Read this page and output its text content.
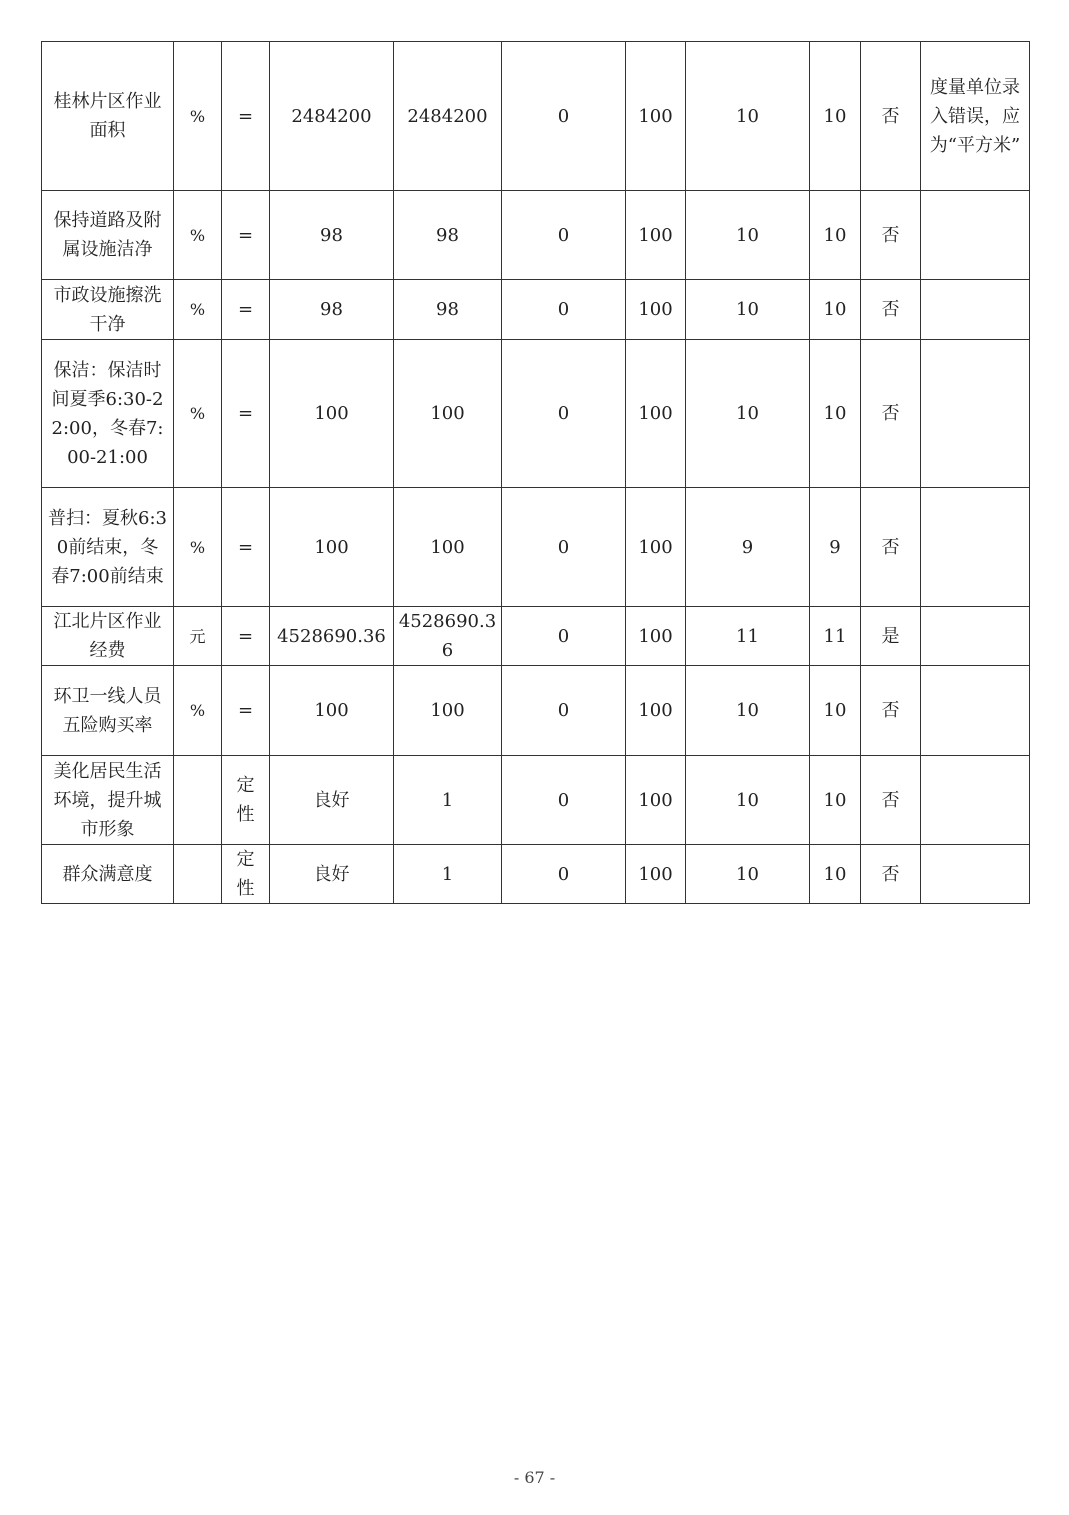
桂林片区作业面积	%	=	2484200	2484200	0	100	10	10	否	度量单位录入错误，应为“平方米”
保持道路及附属设施洁净	%	=	98	98	0	100	10	10	否	
市政设施擦洗干净	%	=	98	98	0	100	10	10	否	
保洁：保洁时间夏季6:30-22:00，冬春7:00-21:00	%	=	100	100	0	100	10	10	否	
普扫：夏秋6:30前结束，冬春7:00前结束	%	=	100	100	0	100	9	9	否	
江北片区作业经费	元	=	4528690.36	4528690.36	0	100	11	11	是	
环卫一线人员五险购买率	%	=	100	100	0	100	10	10	否	
美化居民生活环境，提升城市形象		定性	良好	1	0	100	10	10	否	
群众满意度		定性	良好	1	0	100	10	10	否	
- 67 -
